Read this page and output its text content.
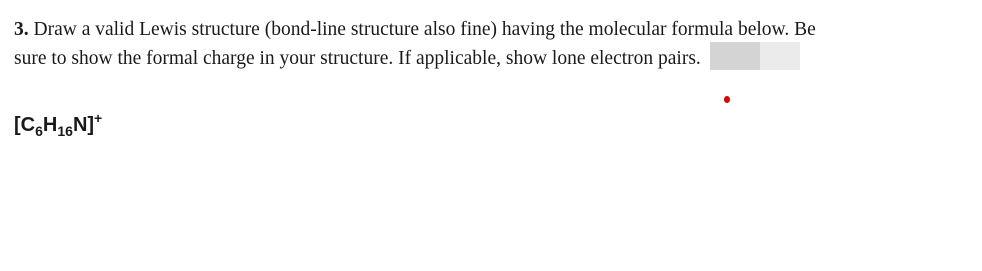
3. Draw a valid Lewis structure (bond-line structure also fine) having the molecular formula below. Be
sure to show the formal charge in your structure. If applicable, show lone electron pairs.
$[C_6H_{16}N]^+$
